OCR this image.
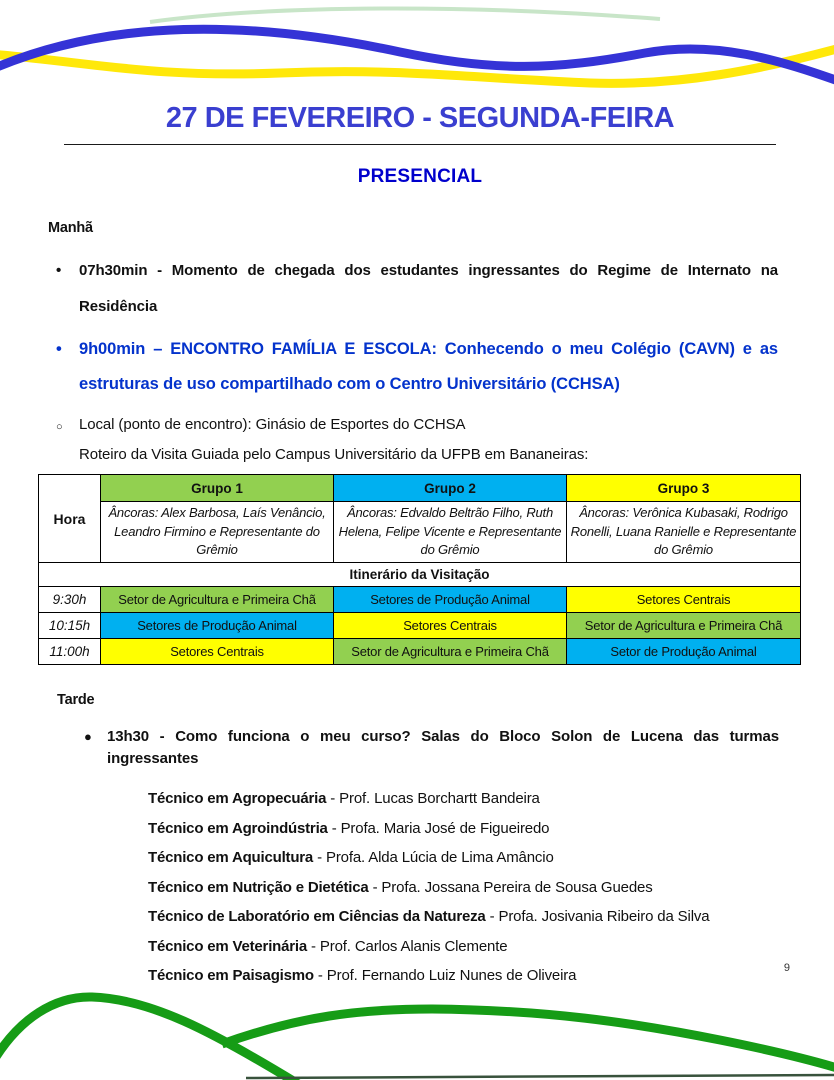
27 DE FEVEREIRO - SEGUNDA-FEIRA
PRESENCIAL
Manhã
• 07h30min - Momento de chegada dos estudantes ingressantes do Regime de Internato na Residência
• 9h00min – ENCONTRO FAMÍLIA E ESCOLA: Conhecendo o meu Colégio (CAVN) e as estruturas de uso compartilhado com o Centro Universitário (CCHSA)
○ Local (ponto de encontro): Ginásio de Esportes do CCHSA
Roteiro da Visita Guiada pelo Campus Universitário da UFPB em Bananeiras:
Hora	Grupo 1	Grupo 2	Grupo 3
	Âncoras: Alex Barbosa, Laís Venâncio, Leandro Firmino e Representante do Grêmio	Âncoras: Edvaldo Beltrão Filho, Ruth Helena, Felipe Vicente e Representante do Grêmio	Âncoras: Verônica Kubasaki, Rodrigo Ronelli, Luana Ranielle e Representante do Grêmio
Itinerário da Visitação			
9:30h	Setor de Agricultura e Primeira Chã	Setores de Produção Animal	Setores Centrais
10:15h	Setores de Produção Animal	Setores Centrais	Setor de Agricultura e Primeira Chã
11:00h	Setores Centrais	Setor de Agricultura e Primeira Chã	Setor de Produção Animal
Tarde
● 13h30 - Como funciona o meu curso? Salas do Bloco Solon de Lucena das turmas ingressantes
Técnico em Agropecuária - Prof. Lucas Borchartt Bandeira
Técnico em Agroindústria - Profa. Maria José de Figueiredo
Técnico em Aquicultura - Profa. Alda Lúcia de Lima Amâncio
Técnico em Nutrição e Dietética - Profa. Jossana Pereira de Sousa Guedes
Técnico de Laboratório em Ciências da Natureza - Profa. Josivania Ribeiro da Silva
Técnico em Veterinária - Prof. Carlos Alanis Clemente
Técnico em Paisagismo - Prof. Fernando Luiz Nunes de Oliveira	9
